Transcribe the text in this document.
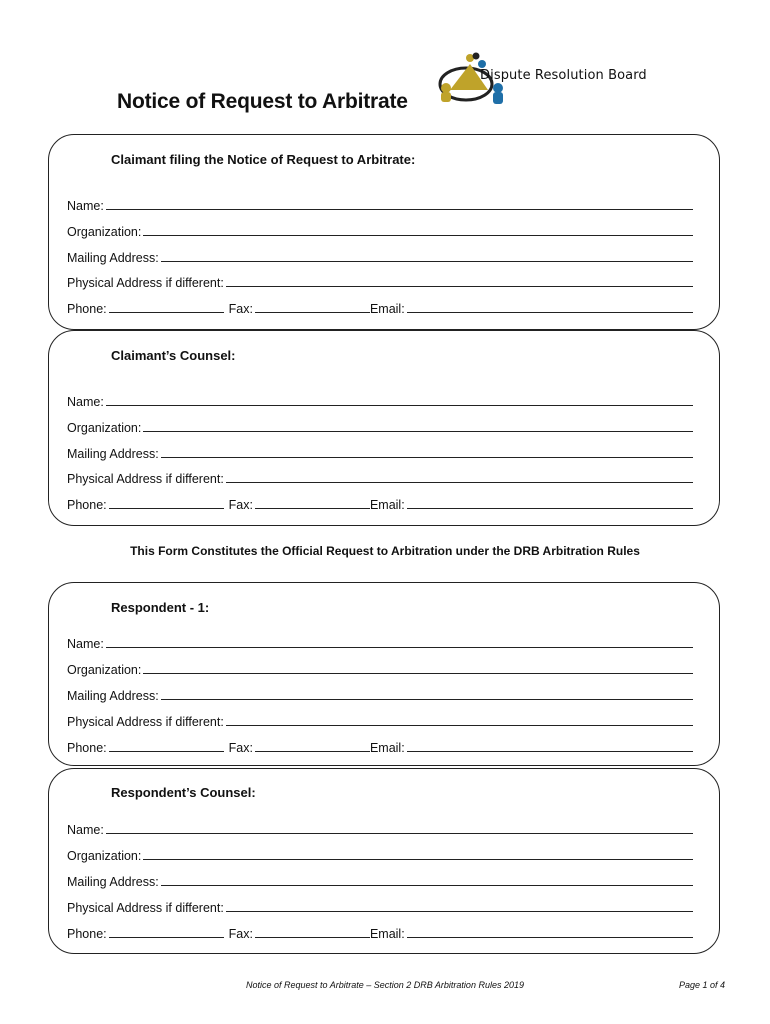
Dispute Resolution Board
Notice of Request to Arbitrate
Claimant filing the Notice of Request to Arbitrate:
Name:
Organization:
Mailing Address:
Physical Address if different:
Phone:	Fax:	Email:
Claimant’s Counsel:
Name:
Organization:
Mailing Address:
Physical Address if different:
Phone:	Fax:	Email:
This Form Constitutes the Official Request to Arbitration under the DRB Arbitration Rules
Respondent - 1:
Name:
Organization:
Mailing Address:
Physical Address if different:
Phone:	Fax:	Email:
Respondent’s Counsel:
Name:
Organization:
Mailing Address:
Physical Address if different:
Phone:	Fax:	Email:
Notice of Request to Arbitrate – Section 2 DRB Arbitration Rules 2019	Page 1 of 4
